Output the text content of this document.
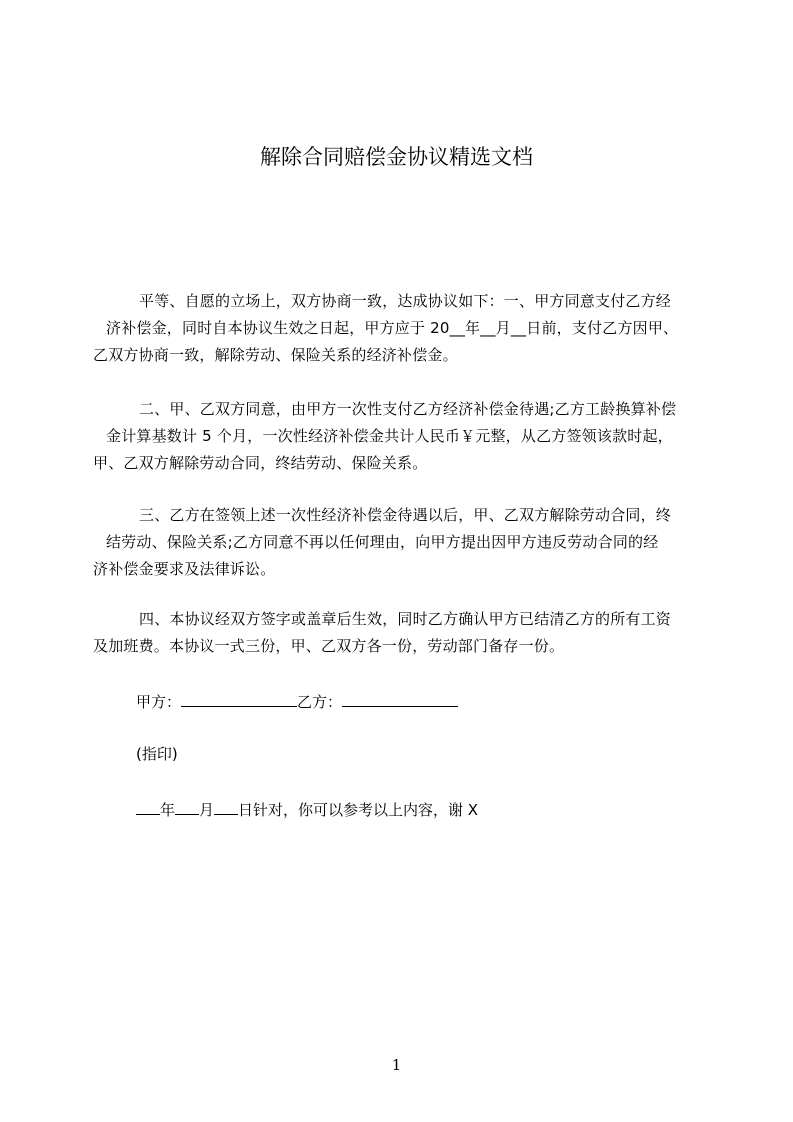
解除合同赔偿金协议精选文档

平等、自愿的立场上，双方协商一致，达成协议如下：一、甲方同意支付乙方经
济补偿金，同时自本协议生效之日起，甲方应于 20__年__月__日前，支付乙方因甲、
乙双方协商一致，解除劳动、保险关系的经济补偿金。

二、甲、乙双方同意，由甲方一次性支付乙方经济补偿金待遇;乙方工龄换算补偿
金计算基数计 5 个月，一次性经济补偿金共计人民币￥元整，从乙方签领该款时起，
甲、乙双方解除劳动合同，终结劳动、保险关系。

三、乙方在签领上述一次性经济补偿金待遇以后，甲、乙双方解除劳动合同，终
结劳动、保险关系;乙方同意不再以任何理由，向甲方提出因甲方违反劳动合同的经
济补偿金要求及法律诉讼。

四、本协议经双方签字或盖章后生效，同时乙方确认甲方已结清乙方的所有工资
及加班费。本协议一式三份，甲、乙双方各一份，劳动部门备存一份。

甲方：	乙方：
(指印)
年 月 日针对，你可以参考以上内容，谢 X
1
